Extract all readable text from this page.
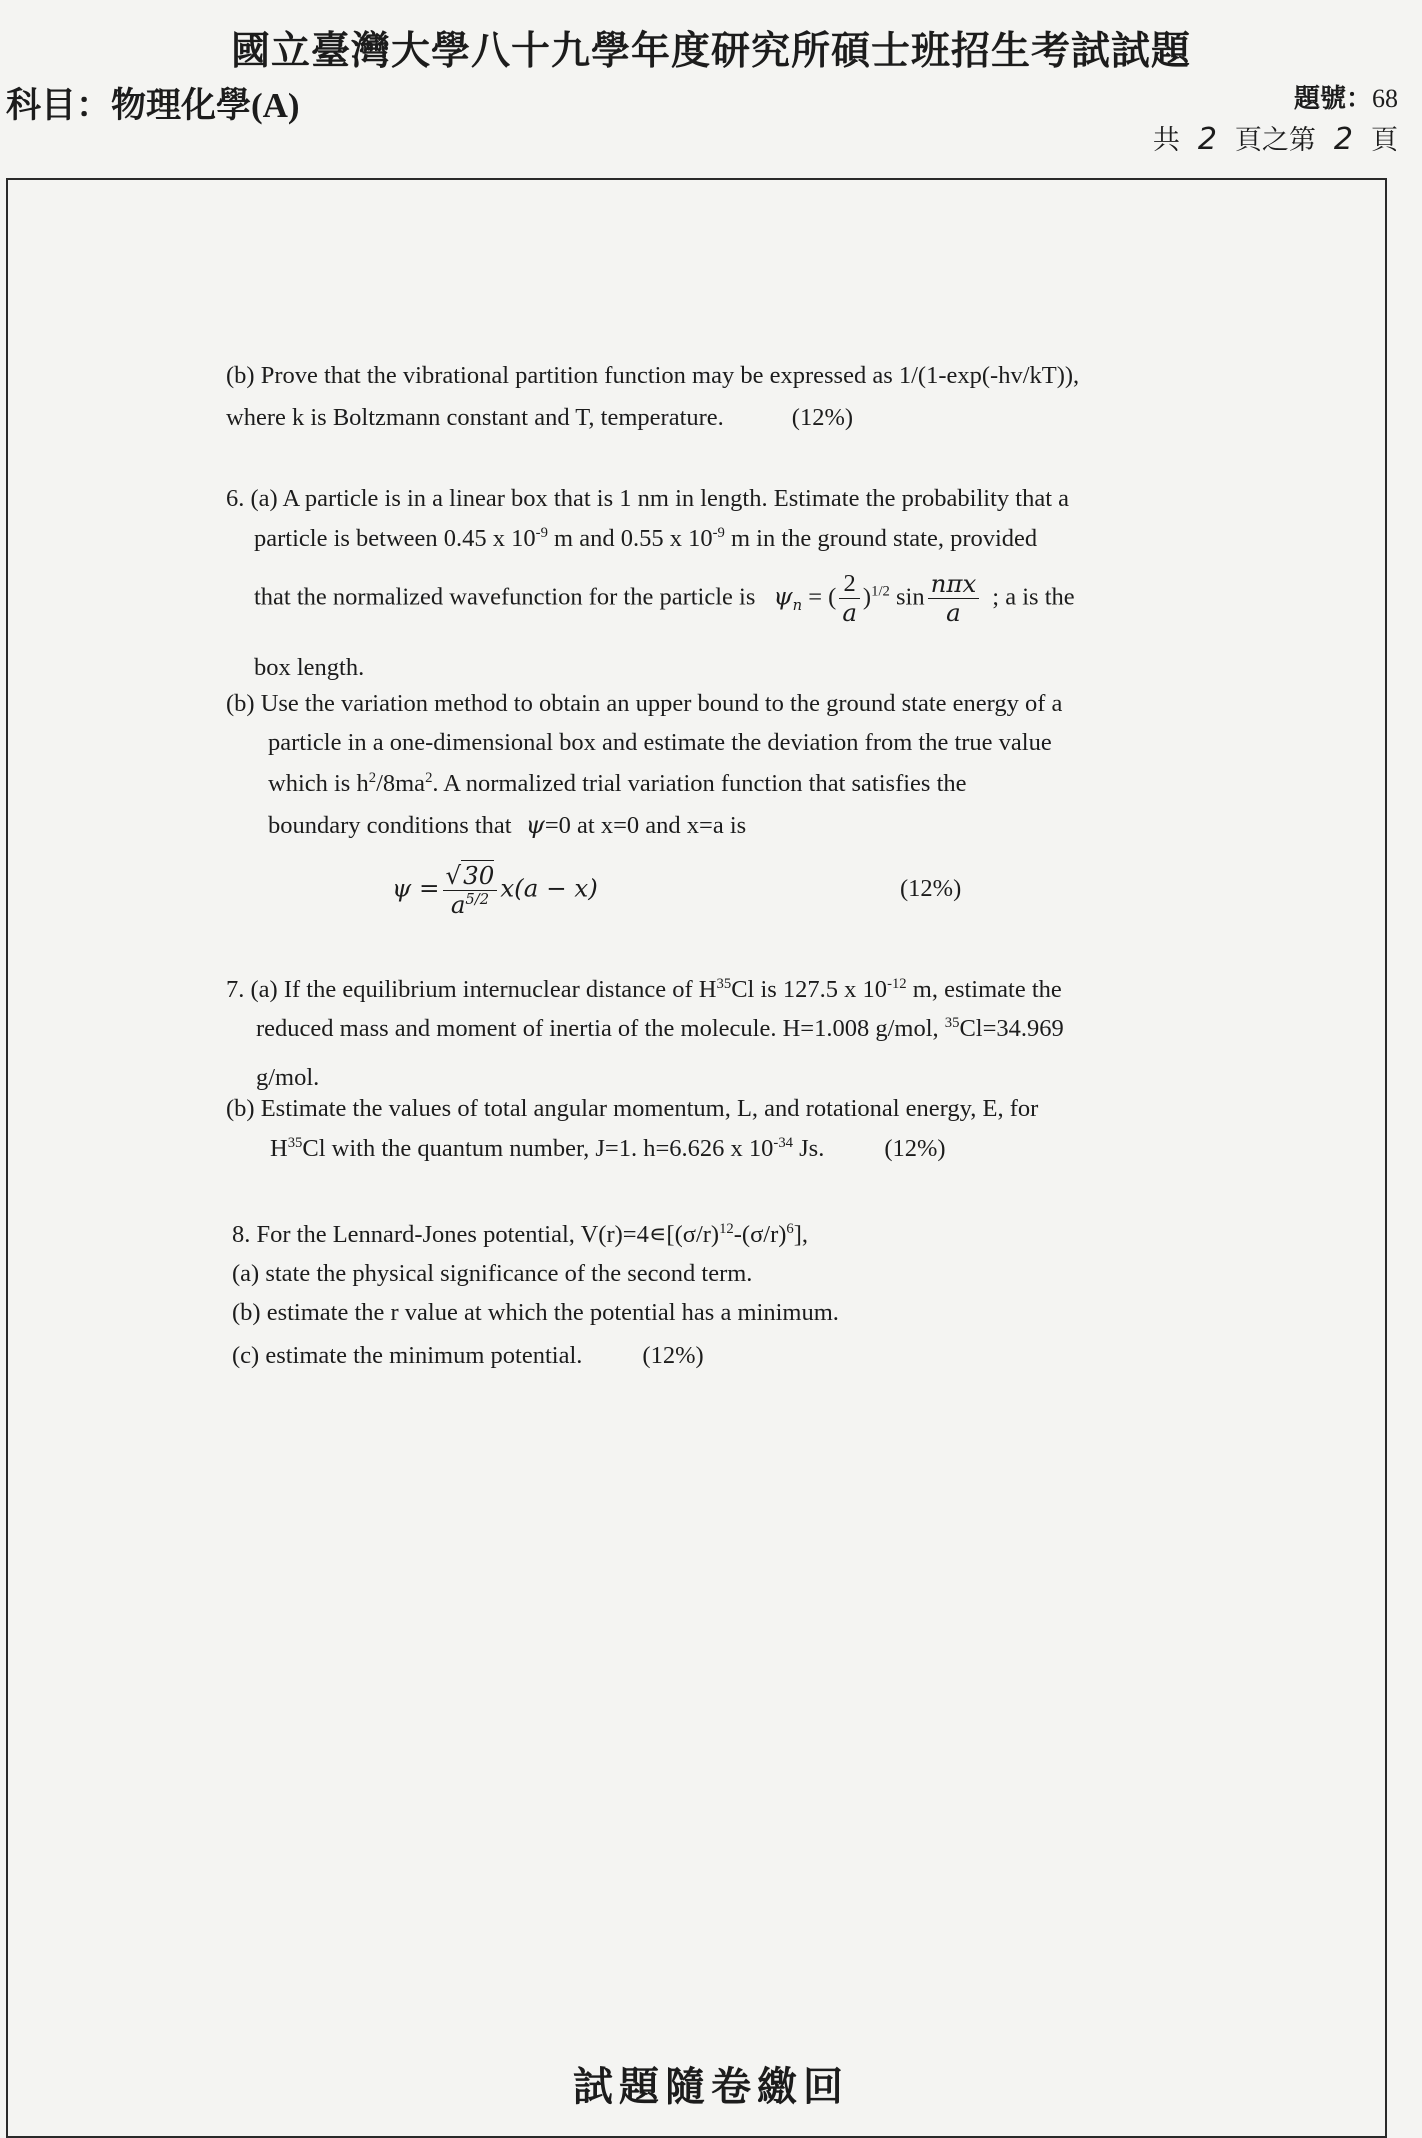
國立臺灣大學八十九學年度研究所碩士班招生考試試題
科目：物理化學(A)	題號：68
共 2 頁之第 2 頁
(b) Prove that the vibrational partition function may be expressed as 1/(1-exp(-hv/kT)),
where k is Boltzmann constant and T, temperature.	(12%)
6. (a) A particle is in a linear box that is 1 nm in length. Estimate the probability that a
particle is between 0.45 x $10^{-9}$ m and 0.55 x $10^{-9}$ m in the ground state, provided
that the normalized wavefunction for the particle is $\psi_n$ = ( $\frac{2}{a} )^{1/2}$ $\sin \frac{\text{nπx}}{a}$ ; a is the
box length.
(b) Use the variation method to obtain an upper bound to the ground state energy of a
particle in a one-dimensional box and estimate the deviation from the true value
which is $h^2/8ma^2$. A normalized trial variation function that satisfies the
boundary conditions that ψ=0 at x=0 and x=a is
$\psi = \frac{√30}{a^{5/2}} x(a - x)$	(12%)
7. (a) If the equilibrium internuclear distance of $H^{35}Cl$ is 127.5 x $10^{-12}$ m, estimate the
reduced mass and moment of inertia of the molecule. H=1.008 g/mol, $^{35}$Cl=34.969
g/mol.
(b) Estimate the values of total angular momentum, L, and rotational energy, E, for
$H^{35}Cl$ with the quantum number, J=1. h=6.626 x $10^{-34}$ Js. (12%)
8. For the Lennard-Jones potential, $V(r)=4∊[(\sigma/r)^{12}-(\sigma/r)^6]$,
(a) state the physical significance of the second term.
(b) estimate the r value at which the potential has a minimum.
(c) estimate the minimum potential. (12%)
試題隨卷繳回
